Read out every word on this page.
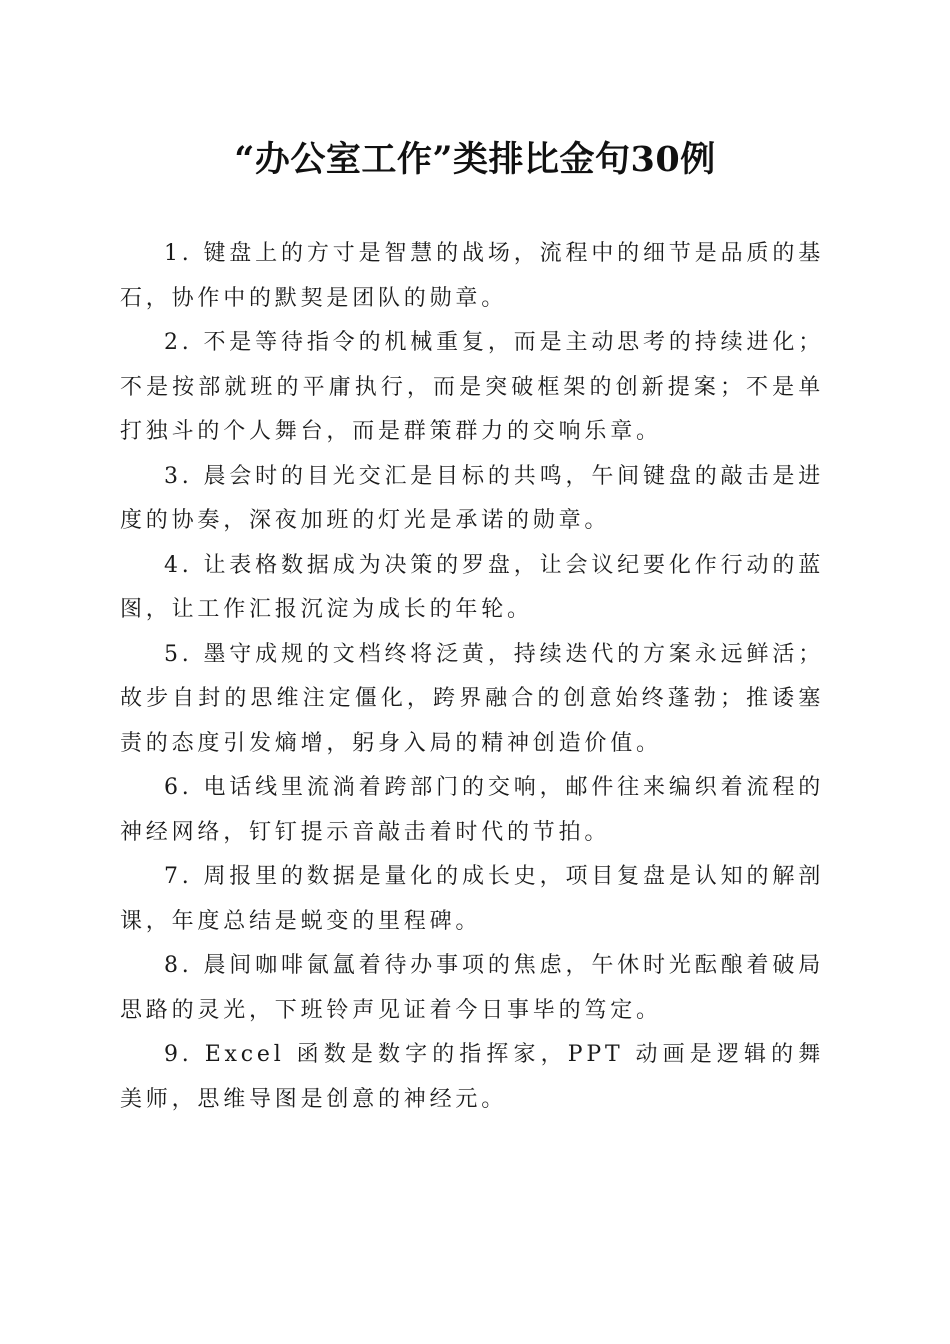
“办公室工作”类排比金句30例

1. 键盘上的方寸是智慧的战场，流程中的细节是品质的基石，协作中的默契是团队的勋章。

2. 不是等待指令的机械重复，而是主动思考的持续进化；不是按部就班的平庸执行，而是突破框架的创新提案；不是单打独斗的个人舞台，而是群策群力的交响乐章。

3. 晨会时的目光交汇是目标的共鸣，午间键盘的敲击是进度的协奏，深夜加班的灯光是承诺的勋章。

4. 让表格数据成为决策的罗盘，让会议纪要化作行动的蓝图，让工作汇报沉淀为成长的年轮。

5. 墨守成规的文档终将泛黄，持续迭代的方案永远鲜活；故步自封的思维注定僵化，跨界融合的创意始终蓬勃；推诿塞责的态度引发熵增，躬身入局的精神创造价值。

6. 电话线里流淌着跨部门的交响，邮件往来编织着流程的神经网络，钉钉提示音敲击着时代的节拍。

7. 周报里的数据是量化的成长史，项目复盘是认知的解剖课，年度总结是蜕变的里程碑。

8. 晨间咖啡氤氲着待办事项的焦虑，午休时光酝酿着破局思路的灵光，下班铃声见证着今日事毕的笃定。

9. Excel 函数是数字的指挥家，PPT 动画是逻辑的舞美师，思维导图是创意的神经元。
